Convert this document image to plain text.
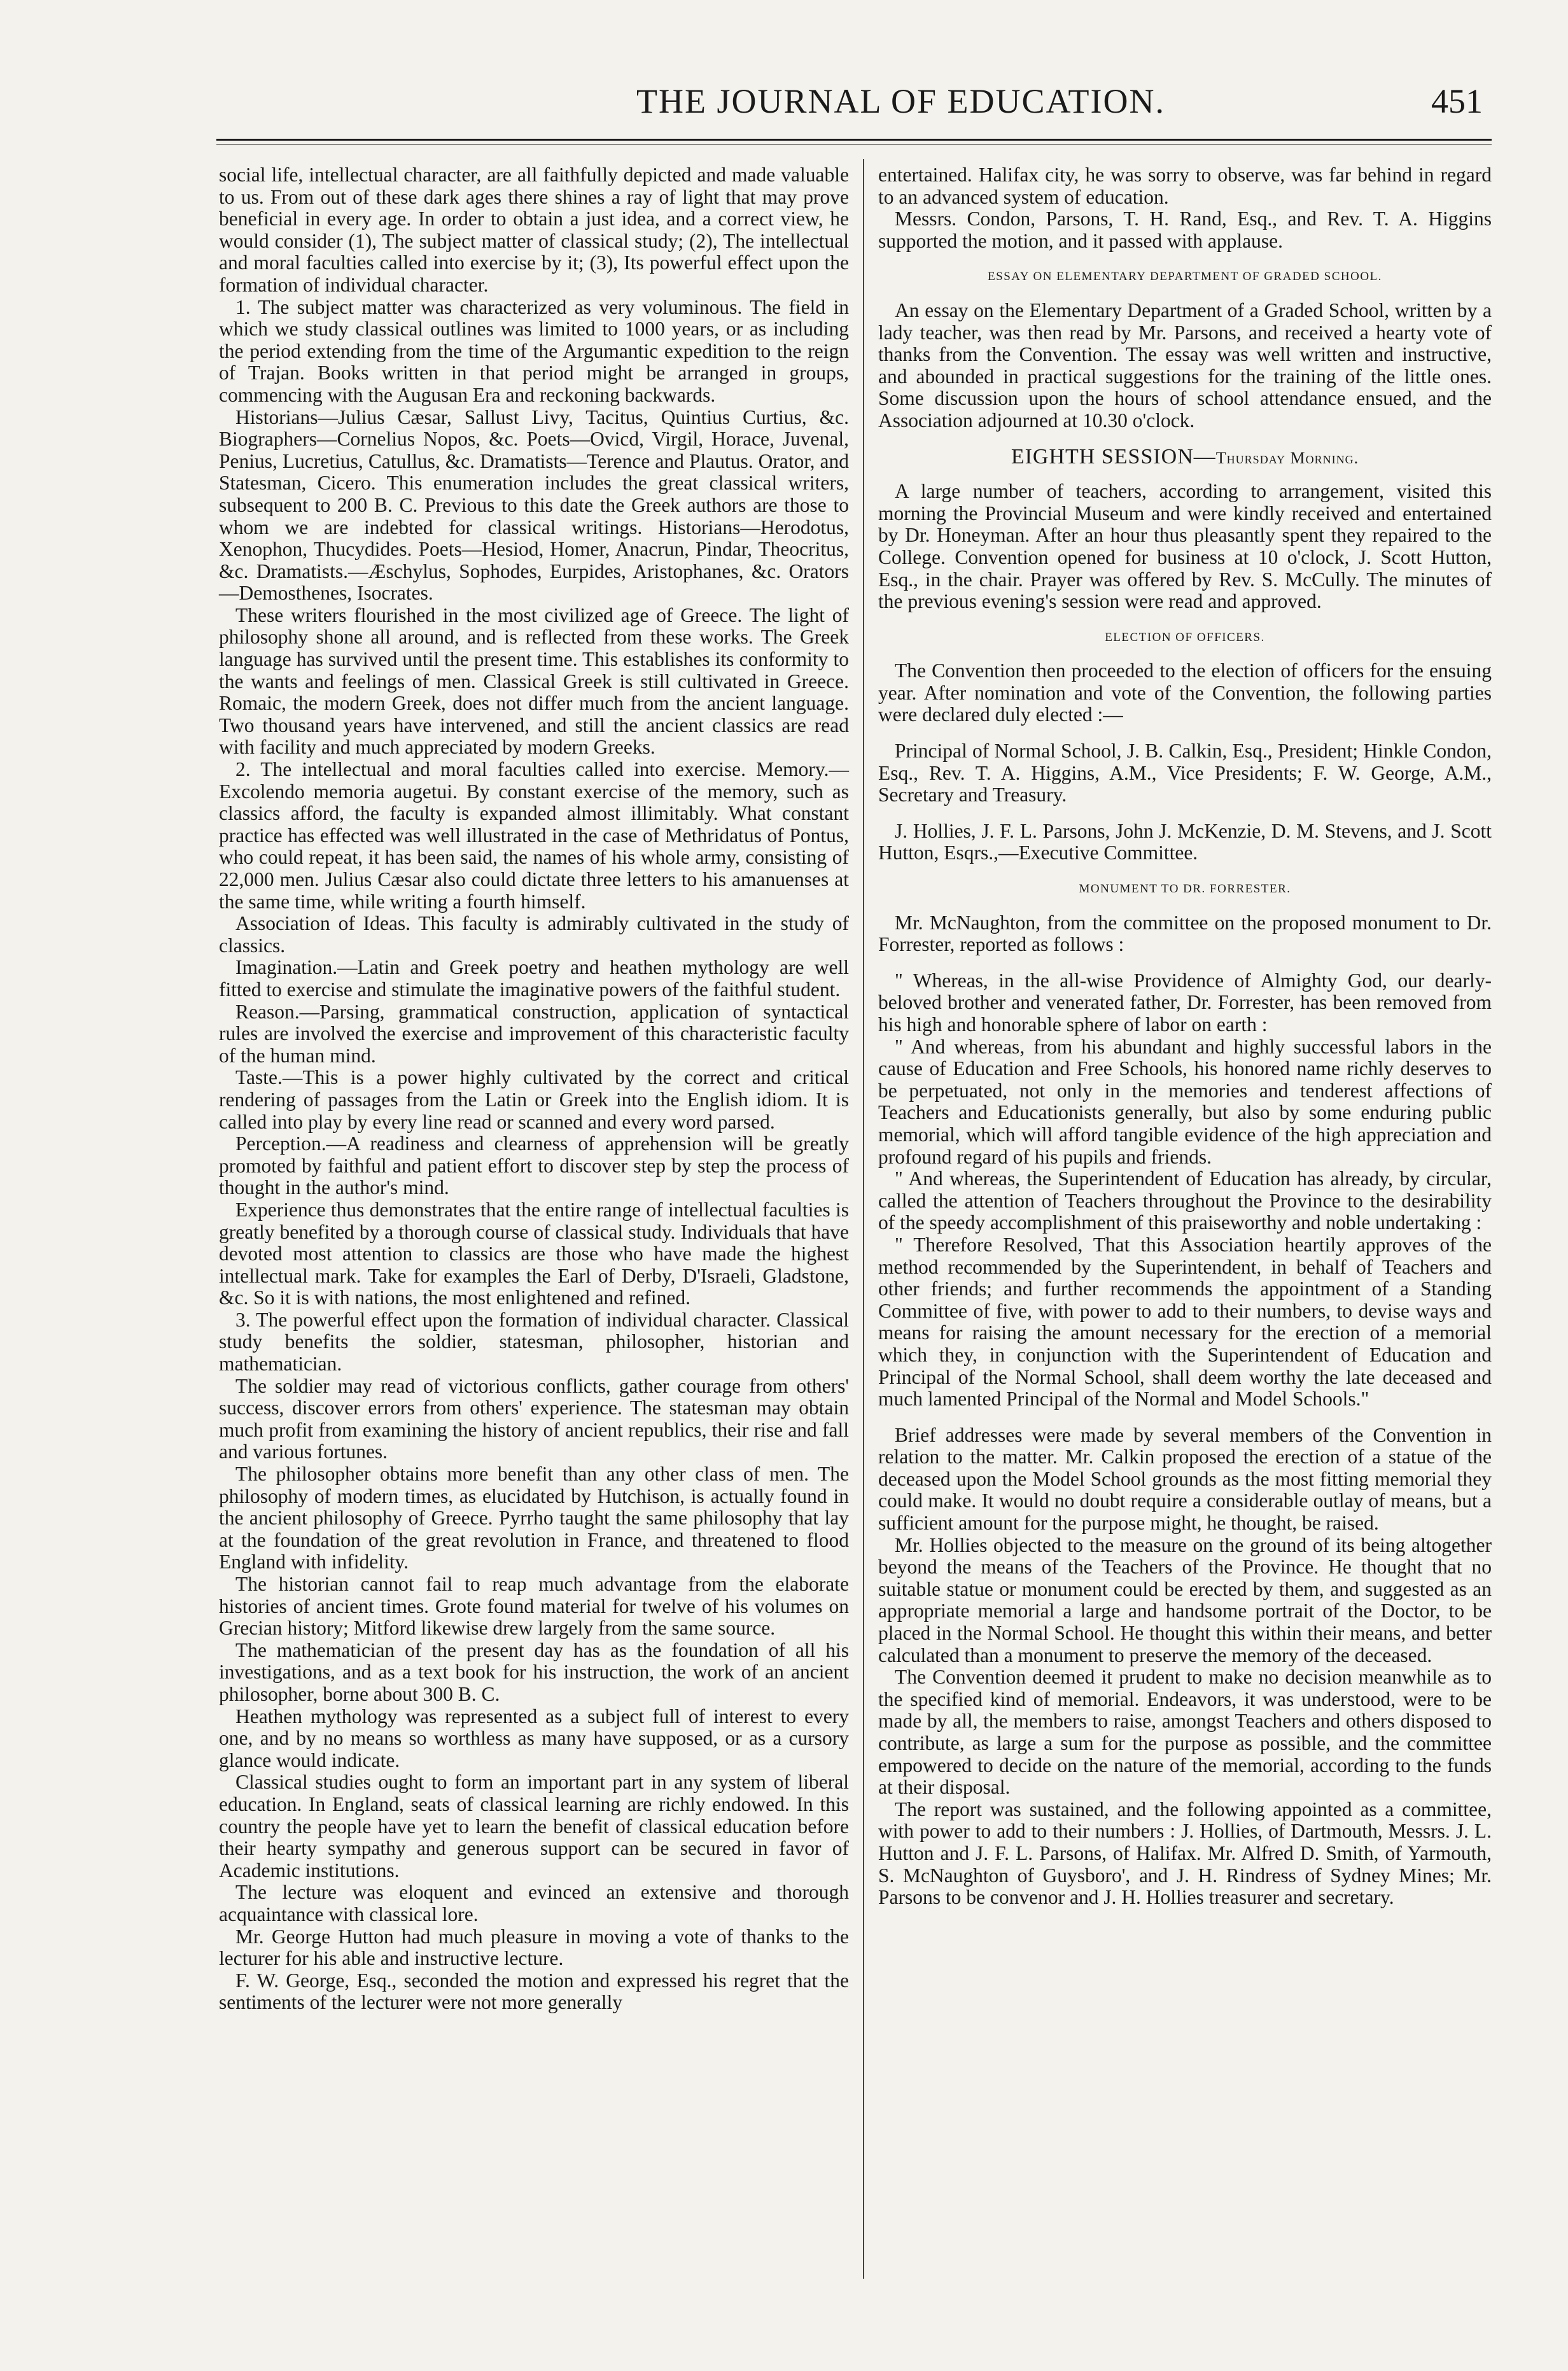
THE JOURNAL OF EDUCATION.	451

social life, intellectual character, are all faithfully depicted and made valuable to us. From out of these dark ages there shines a ray of light that may prove beneficial in every age. In order to obtain a just idea, and a correct view, he would consider (1), The subject matter of classical study; (2), The intellectual and moral faculties called into exercise by it; (3), Its powerful effect upon the formation of individual character.

1. The subject matter was characterized as very voluminous. The field in which we study classical outlines was limited to 1000 years, or as including the period extending from the time of the Argumantic expedition to the reign of Trajan. Books written in that period might be arranged in groups, commencing with the Augusan Era and reckoning backwards.

Historians—Julius Cæsar, Sallust Livy, Tacitus, Quintius Curtius, &c. Biographers—Cornelius Nopos, &c. Poets—Ovicd, Virgil, Horace, Juvenal, Penius, Lucretius, Catullus, &c. Dramatists—Terence and Plautus. Orator, and Statesman, Cicero. This enumeration includes the great classical writers, subsequent to 200 B. C. Previous to this date the Greek authors are those to whom we are indebted for classical writings. Historians—Herodotus, Xenophon, Thucydides. Poets—Hesiod, Homer, Anacrun, Pindar, Theocritus, &c. Dramatists.—Æschylus, Sophodes, Eurpides, Aristophanes, &c. Orators—Demosthenes, Isocrates.

These writers flourished in the most civilized age of Greece. The light of philosophy shone all around, and is reflected from these works. The Greek language has survived until the present time. This establishes its conformity to the wants and feelings of men. Classical Greek is still cultivated in Greece. Romaic, the modern Greek, does not differ much from the ancient language. Two thousand years have intervened, and still the ancient classics are read with facility and much appreciated by modern Greeks.

2. The intellectual and moral faculties called into exercise. Memory.—Excolendo memoria augetui. By constant exercise of the memory, such as classics afford, the faculty is expanded almost illimitably. What constant practice has effected was well illustrated in the case of Methridatus of Pontus, who could repeat, it has been said, the names of his whole army, consisting of 22,000 men. Julius Cæsar also could dictate three letters to his amanuenses at the same time, while writing a fourth himself.

Association of Ideas. This faculty is admirably cultivated in the study of classics.

Imagination.—Latin and Greek poetry and heathen mythology are well fitted to exercise and stimulate the imaginative powers of the faithful student.

Reason.—Parsing, grammatical construction, application of syntactical rules are involved the exercise and improvement of this characteristic faculty of the human mind.

Taste.—This is a power highly cultivated by the correct and critical rendering of passages from the Latin or Greek into the English idiom. It is called into play by every line read or scanned and every word parsed.

Perception.—A readiness and clearness of apprehension will be greatly promoted by faithful and patient effort to discover step by step the process of thought in the author's mind.

Experience thus demonstrates that the entire range of intellectual faculties is greatly benefited by a thorough course of classical study. Individuals that have devoted most attention to classics are those who have made the highest intellectual mark. Take for examples the Earl of Derby, D'Israeli, Gladstone, &c. So it is with nations, the most enlightened and refined.

3. The powerful effect upon the formation of individual character. Classical study benefits the soldier, statesman, philosopher, historian and mathematician.

The soldier may read of victorious conflicts, gather courage from others' success, discover errors from others' experience. The statesman may obtain much profit from examining the history of ancient republics, their rise and fall and various fortunes.

The philosopher obtains more benefit than any other class of men. The philosophy of modern times, as elucidated by Hutchison, is actually found in the ancient philosophy of Greece. Pyrrho taught the same philosophy that lay at the foundation of the great revolution in France, and threatened to flood England with infidelity.

The historian cannot fail to reap much advantage from the elaborate histories of ancient times. Grote found material for twelve of his volumes on Grecian history; Mitford likewise drew largely from the same source.

The mathematician of the present day has as the foundation of all his investigations, and as a text book for his instruction, the work of an ancient philosopher, borne about 300 B. C.

Heathen mythology was represented as a subject full of interest to every one, and by no means so worthless as many have supposed, or as a cursory glance would indicate.

Classical studies ought to form an important part in any system of liberal education. In England, seats of classical learning are richly endowed. In this country the people have yet to learn the benefit of classical education before their hearty sympathy and generous support can be secured in favor of Academic institutions.

The lecture was eloquent and evinced an extensive and thorough acquaintance with classical lore.

Mr. George Hutton had much pleasure in moving a vote of thanks to the lecturer for his able and instructive lecture.

F. W. George, Esq., seconded the motion and expressed his regret that the sentiments of the lecturer were not more generally

entertained. Halifax city, he was sorry to observe, was far behind in regard to an advanced system of education.

Messrs. Condon, Parsons, T. H. Rand, Esq., and Rev. T. A. Higgins supported the motion, and it passed with applause.

ESSAY ON ELEMENTARY DEPARTMENT OF GRADED SCHOOL.

An essay on the Elementary Department of a Graded School, written by a lady teacher, was then read by Mr. Parsons, and received a hearty vote of thanks from the Convention. The essay was well written and instructive, and abounded in practical suggestions for the training of the little ones. Some discussion upon the hours of school attendance ensued, and the Association adjourned at 10.30 o'clock.

EIGHTH SESSION—Thursday Morning.

A large number of teachers, according to arrangement, visited this morning the Provincial Museum and were kindly received and entertained by Dr. Honeyman. After an hour thus pleasantly spent they repaired to the College. Convention opened for business at 10 o'clock, J. Scott Hutton, Esq., in the chair. Prayer was offered by Rev. S. McCully. The minutes of the previous evening's session were read and approved.

ELECTION OF OFFICERS.

The Convention then proceeded to the election of officers for the ensuing year. After nomination and vote of the Convention, the following parties were declared duly elected :—

Principal of Normal School, J. B. Calkin, Esq., President; Hinkle Condon, Esq., Rev. T. A. Higgins, A.M., Vice Presidents; F. W. George, A.M., Secretary and Treasury.

J. Hollies, J. F. L. Parsons, John J. McKenzie, D. M. Stevens, and J. Scott Hutton, Esqrs.,—Executive Committee.

MONUMENT TO DR. FORRESTER.

Mr. McNaughton, from the committee on the proposed monument to Dr. Forrester, reported as follows :

" Whereas, in the all-wise Providence of Almighty God, our dearly-beloved brother and venerated father, Dr. Forrester, has been removed from his high and honorable sphere of labor on earth :

" And whereas, from his abundant and highly successful labors in the cause of Education and Free Schools, his honored name richly deserves to be perpetuated, not only in the memories and tenderest affections of Teachers and Educationists generally, but also by some enduring public memorial, which will afford tangible evidence of the high appreciation and profound regard of his pupils and friends.

" And whereas, the Superintendent of Education has already, by circular, called the attention of Teachers throughout the Province to the desirability of the speedy accomplishment of this praiseworthy and noble undertaking :

" Therefore Resolved, That this Association heartily approves of the method recommended by the Superintendent, in behalf of Teachers and other friends; and further recommends the appointment of a Standing Committee of five, with power to add to their numbers, to devise ways and means for raising the amount necessary for the erection of a memorial which they, in conjunction with the Superintendent of Education and Principal of the Normal School, shall deem worthy the late deceased and much lamented Principal of the Normal and Model Schools."

Brief addresses were made by several members of the Convention in relation to the matter. Mr. Calkin proposed the erection of a statue of the deceased upon the Model School grounds as the most fitting memorial they could make. It would no doubt require a considerable outlay of means, but a sufficient amount for the purpose might, he thought, be raised.

Mr. Hollies objected to the measure on the ground of its being altogether beyond the means of the Teachers of the Province. He thought that no suitable statue or monument could be erected by them, and suggested as an appropriate memorial a large and handsome portrait of the Doctor, to be placed in the Normal School. He thought this within their means, and better calculated than a monument to preserve the memory of the deceased.

The Convention deemed it prudent to make no decision meanwhile as to the specified kind of memorial. Endeavors, it was understood, were to be made by all, the members to raise, amongst Teachers and others disposed to contribute, as large a sum for the purpose as possible, and the committee empowered to decide on the nature of the memorial, according to the funds at their disposal.

The report was sustained, and the following appointed as a committee, with power to add to their numbers : J. Hollies, of Dartmouth, Messrs. J. L. Hutton and J. F. L. Parsons, of Halifax. Mr. Alfred D. Smith, of Yarmouth, S. McNaughton of Guysboro', and J. H. Rindress of Sydney Mines; Mr. Parsons to be convenor and J. H. Hollies treasurer and secretary.
